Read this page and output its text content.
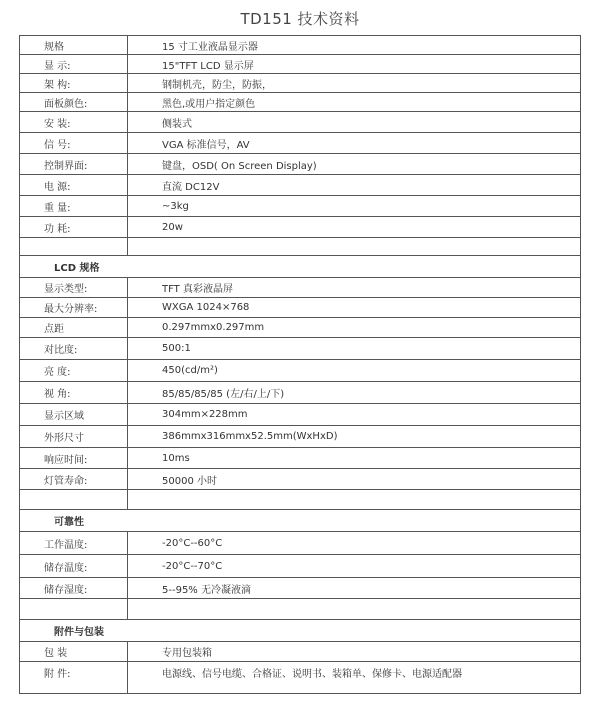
TD151 技术资料
规格	15 寸工业液晶显示器
显 示:	15"TFT LCD 显示屏
架 构:	钢制机壳，防尘，防振，
面板颜色:	黑色,或用户指定颜色
安 装:	侧装式
信 号:	VGA 标准信号，AV
控制界面:	键盘，OSD( On Screen Display)
电 源:	直流 DC12V
重 量:	~3kg
功 耗:	20w

LCD 规格	
显示类型:	TFT 真彩液晶屏
最大分辨率:	WXGA 1024×768
点距	0.297mmx0.297mm
对比度:	500:1
亮 度:	450(cd/m²)
视 角:	85/85/85/85 (左/右/上/下)
显示区域	304mm×228mm
外形尺寸	386mmx316mmx52.5mm(WxHxD)
响应时间:	10ms
灯管寿命:	50000 小时

可靠性	
工作温度:	-20°C--60°C
储存温度:	-20°C--70°C
储存湿度:	5--95% 无冷凝液滴

附件与包装	
包 装	专用包装箱
附 件:	电源线、信号电缆、合格证、说明书、装箱单、保修卡、电源适配器
